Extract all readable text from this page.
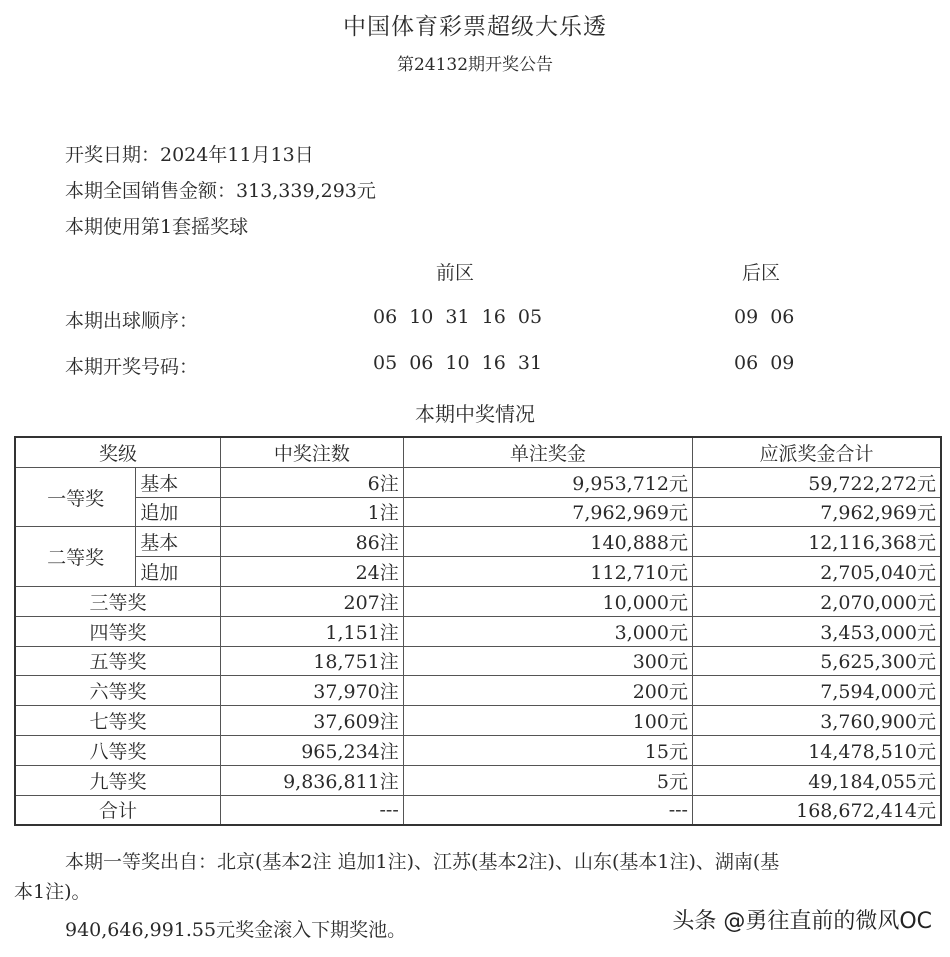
中国体育彩票超级大乐透
第24132期开奖公告
开奖日期：2024年11月13日
本期全国销售金额：313,339,293元
本期使用第1套摇奖球
前区	后区
本期出球顺序：	06 10 31 16 05	09 06
本期开奖号码：	05 06 10 16 31	06 09
本期中奖情况
奖级		中奖注数	单注奖金	应派奖金合计
一等奖	基本	6注	9,953,712元	59,722,272元
	追加	1注	7,962,969元	7,962,969元
二等奖	基本	86注	140,888元	12,116,368元
	追加	24注	112,710元	2,705,040元
三等奖		207注	10,000元	2,070,000元
四等奖		1,151注	3,000元	3,453,000元
五等奖		18,751注	300元	5,625,300元
六等奖		37,970注	200元	7,594,000元
七等奖		37,609注	100元	3,760,900元
八等奖		965,234注	15元	14,478,510元
九等奖		9,836,811注	5元	49,184,055元
合计		---	---	168,672,414元
本期一等奖出自：北京(基本2注 追加1注)、江苏(基本2注)、山东(基本1注)、湖南(基
本1注)。
940,646,991.55元奖金滚入下期奖池。	头条 @勇往直前的微风OC
